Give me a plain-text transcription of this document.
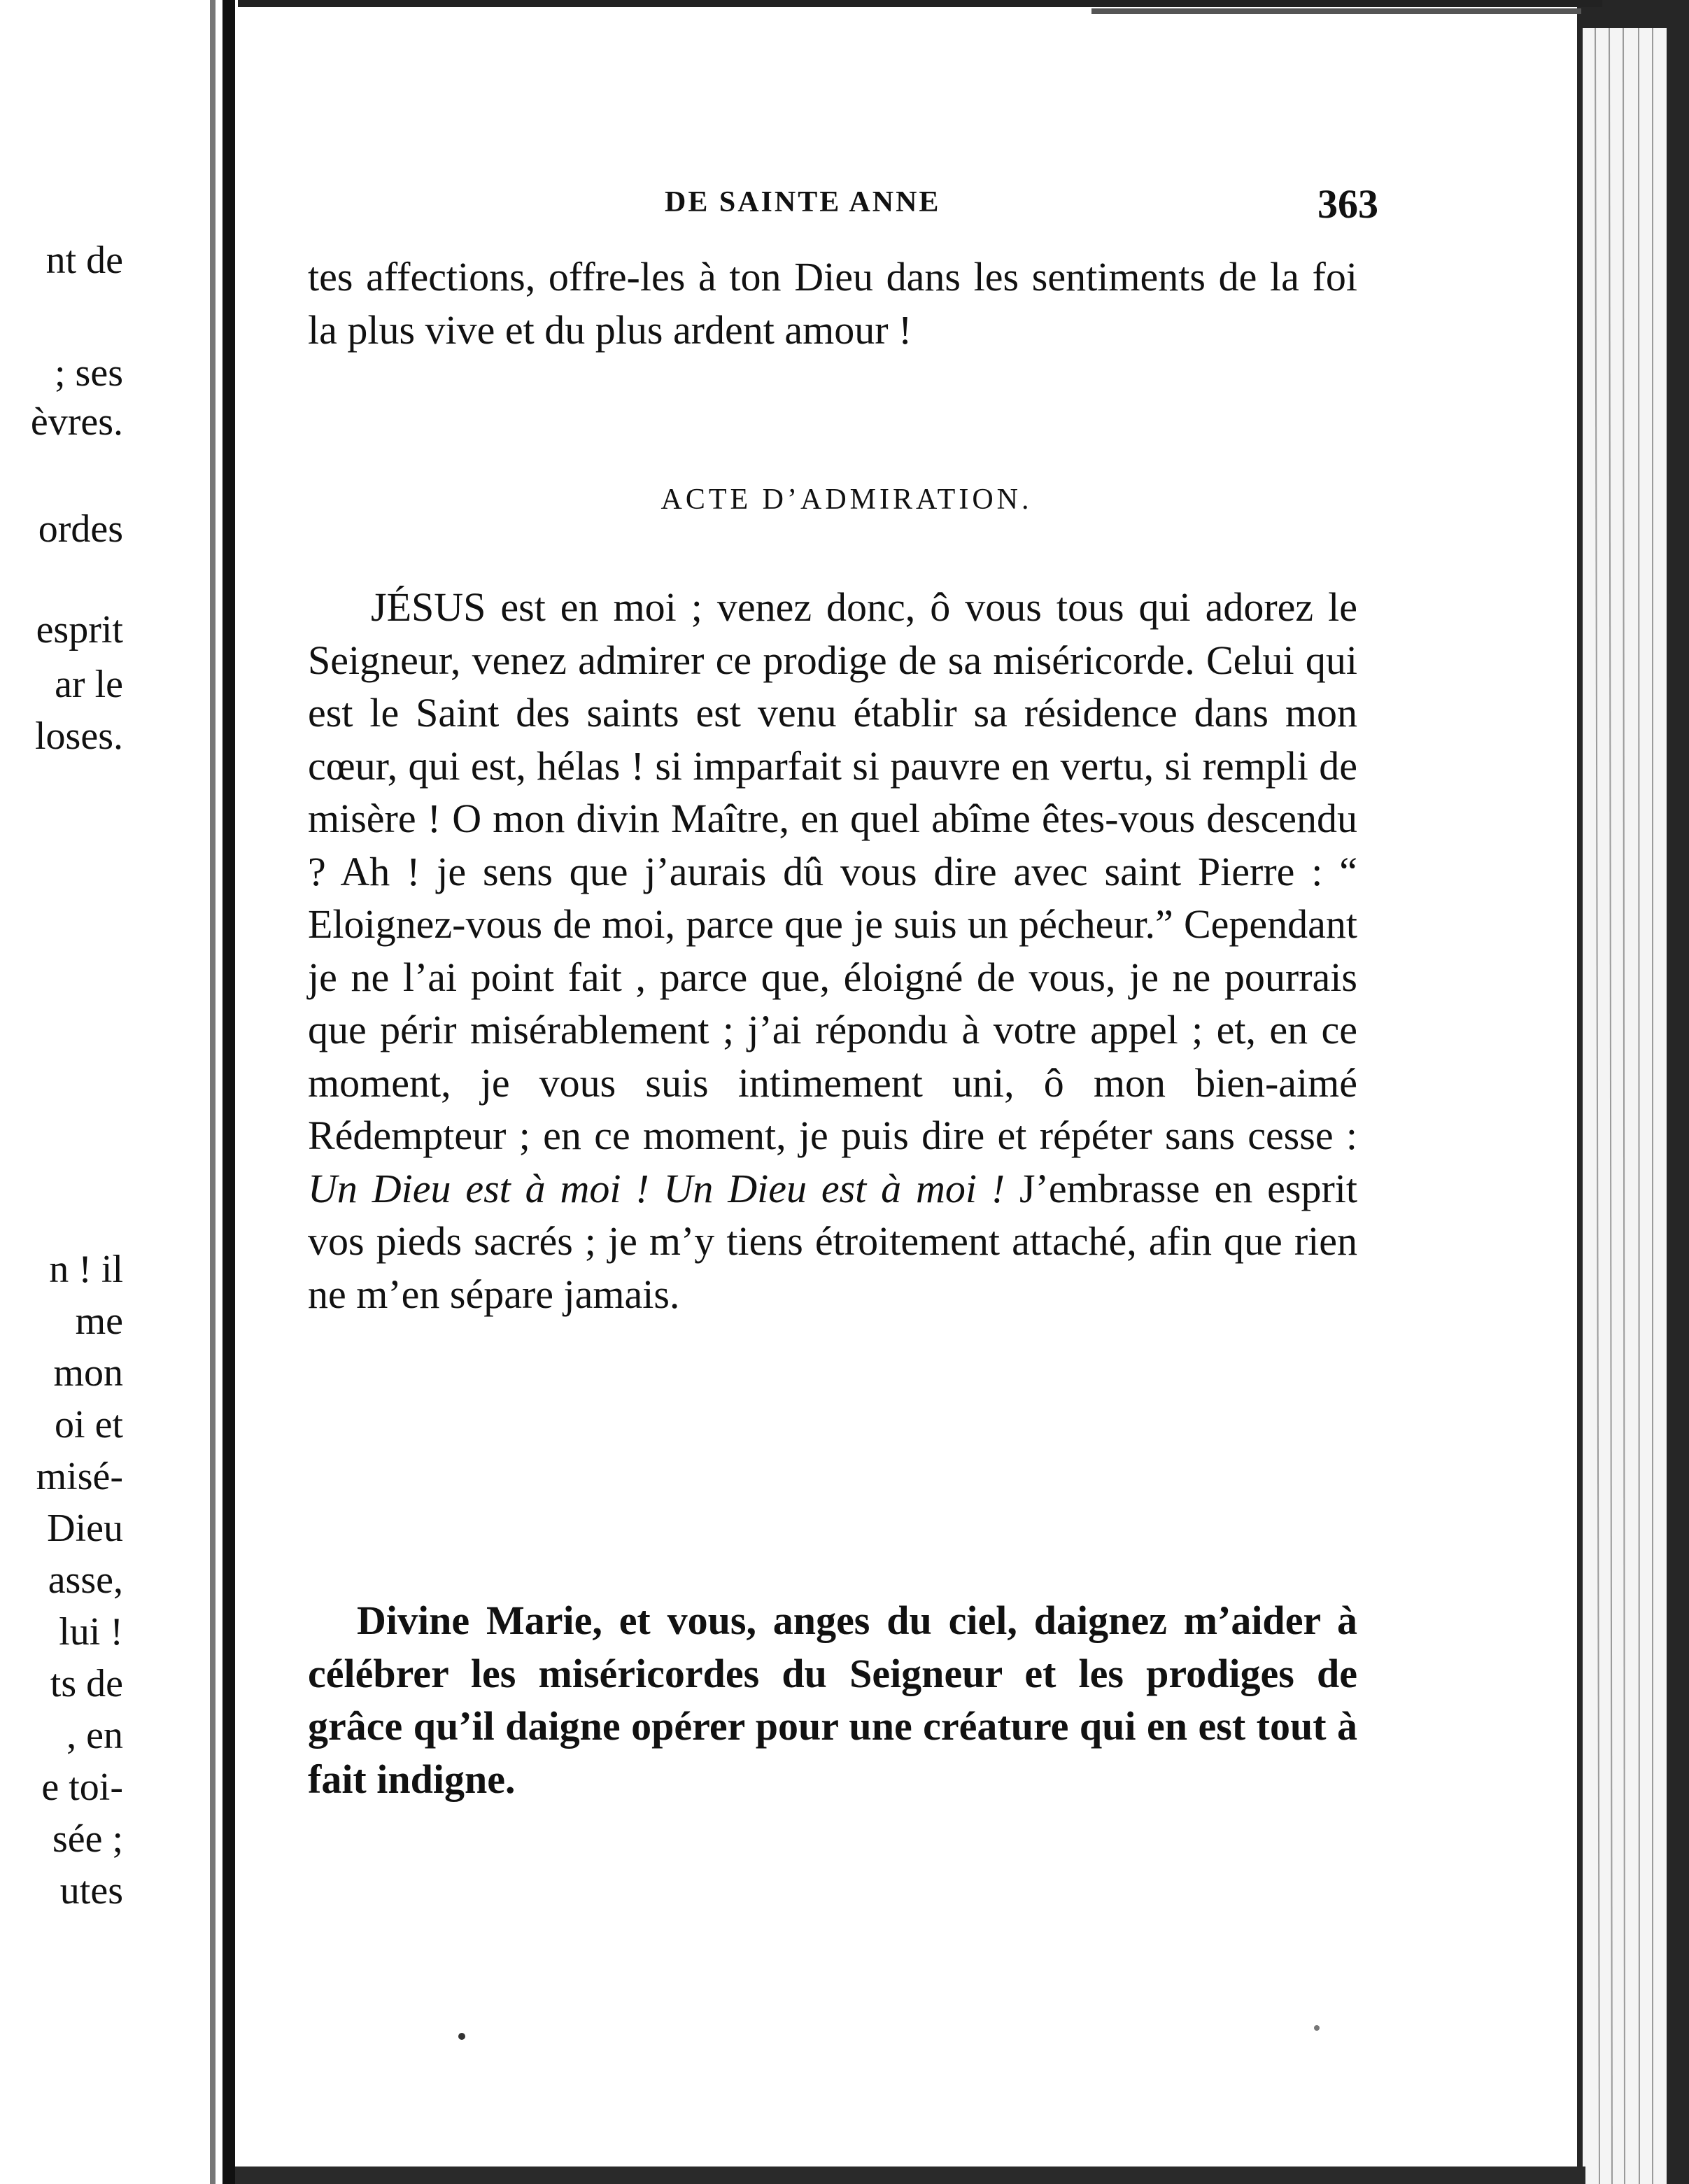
nt de
; ses
èvres.
ordes
esprit
ar le
loses.
n ! il
me
mon
oi et
misé-
Dieu
asse,
lui !
ts de
, en
e toi-
sée ;
utes
DE SAINTE ANNE	363

tes affections, offre-les à ton Dieu dans les sentiments de la foi la plus vive et du plus ardent amour !

ACTE D’ADMIRATION.

JÉSUS est en moi ; venez donc, ô vous tous qui adorez le Seigneur, venez admirer ce prodige de sa miséricorde. Celui qui est le Saint des saints est venu établir sa résidence dans mon cœur, qui est, hélas ! si imparfait si pauvre en vertu, si rempli de misère ! O mon divin Maître, en quel abîme êtes-vous descendu ? Ah ! je sens que j’aurais dû vous dire avec saint Pierre : “ Eloignez-vous de moi, parce que je suis un pécheur.” Cependant je ne l’ai point fait , parce que, éloigné de vous, je ne pourrais que périr misérablement ; j’ai répondu à votre appel ; et, en ce moment, je vous suis intimement uni, ô mon bien-aimé Rédempteur ; en ce moment, je puis dire et répéter sans cesse : Un Dieu est à moi ! Un Dieu est à moi ! J’embrasse en esprit vos pieds sacrés ; je m’y tiens étroitement attaché, afin que rien ne m’en sépare jamais.

Divine Marie, et vous, anges du ciel, daignez m’aider à célébrer les miséricordes du Seigneur et les prodiges de grâce qu’il daigne opérer pour une créature qui en est tout à fait indigne.
